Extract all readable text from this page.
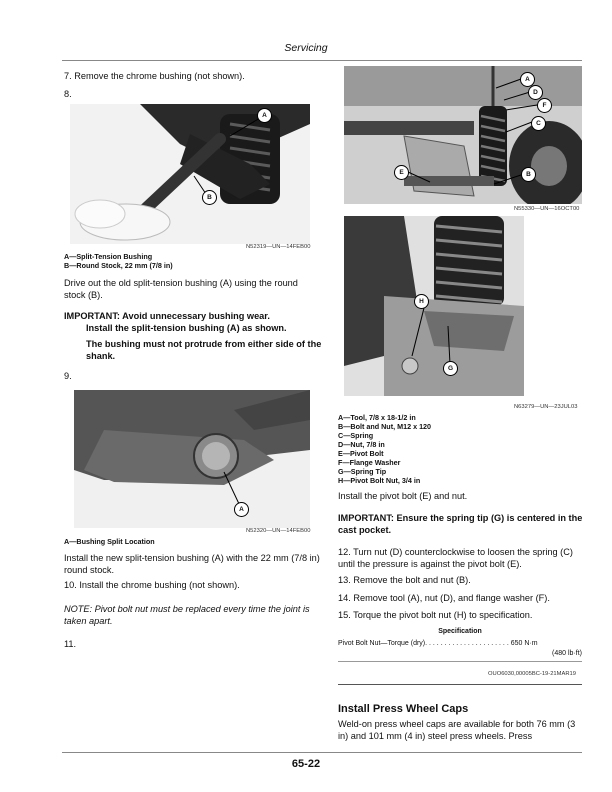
Servicing
7. Remove the chrome bushing (not shown).
8.
A
B
N52319—UN—14FEB00
A—Split-Tension Bushing
B—Round Stock, 22 mm (7/8 in)
Drive out the old split-tension bushing (A) using the round stock (B).
IMPORTANT: Avoid unnecessary bushing wear.
Install the split-tension bushing (A) as shown.
The bushing must not protrude from either side of the shank.
9.
A
N52320—UN—14FEB00
A—Bushing Split Location
Install the new split-tension bushing (A) with the 22 mm (7/8 in) round stock.
10. Install the chrome bushing (not shown).
NOTE: Pivot bolt nut must be replaced every time the joint is taken apart.
11.
A
D
F
C
B
E
N55330—UN—16OCT00
H
G
N63279—UN—23JUL03
A—Tool, 7/8 x 18-1/2 in
B—Bolt and Nut, M12 x 120
C—Spring
D—Nut, 7/8 in
E—Pivot Bolt
F—Flange Washer
G—Spring Tip
H—Pivot Bolt Nut, 3/4 in
Install the pivot bolt (E) and nut.
IMPORTANT: Ensure the spring tip (G) is centered in the cast pocket.
12. Turn nut (D) counterclockwise to loosen the spring (C) until the pressure is against the pivot bolt (E).
13. Remove the bolt and nut (B).
14. Remove tool (A), nut (D), and flange washer (F).
15. Torque the pivot bolt nut (H) to specification.
Specification
Pivot Bolt Nut—Torque (dry). . . . . . . . . . . . . . . . . . . . . . 650 N·m
(480 lb·ft)
OUO6030,00005BC-19-21MAR19
Install Press Wheel Caps
Weld-on press wheel caps are available for both 76 mm (3 in) and 101 mm (4 in) steel press wheels. Press
65-22
